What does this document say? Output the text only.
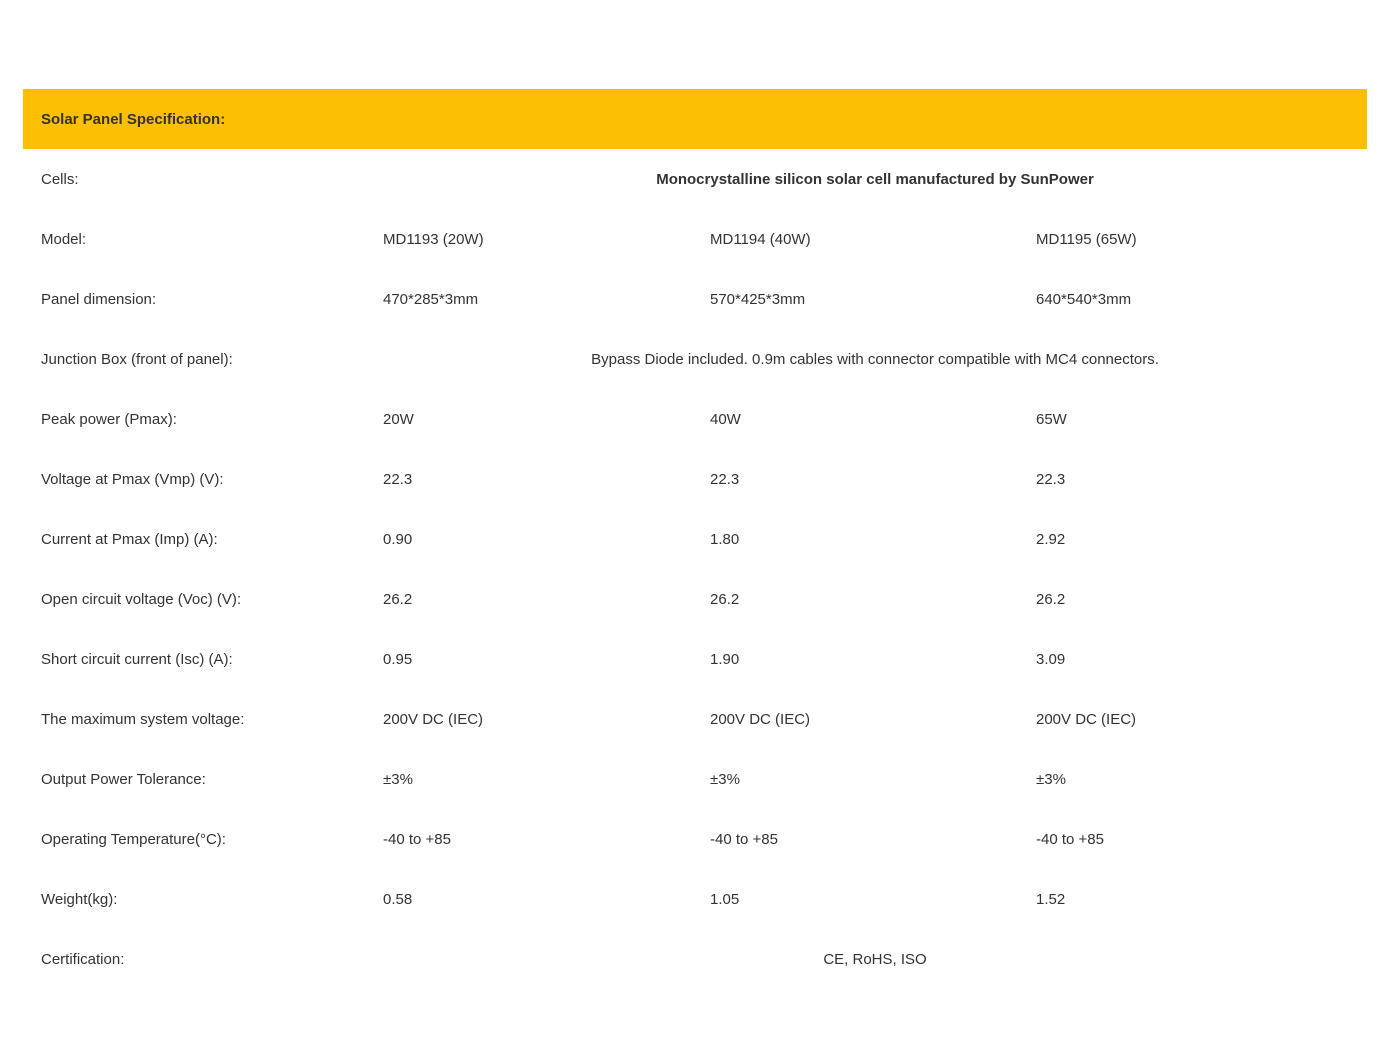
Solar Panel Specification:			
Cells:	Monocrystalline silicon solar cell manufactured by SunPower		
Model:	MD1193 (20W)	MD1194 (40W)	MD1195 (65W)
Panel dimension:	470*285*3mm	570*425*3mm	640*540*3mm
Junction Box (front of panel):	Bypass Diode included. 0.9m cables with connector compatible with MC4 connectors.		
Peak power (Pmax):	20W	40W	65W
Voltage at Pmax (Vmp) (V):	22.3	22.3	22.3
Current at Pmax (Imp) (A):	0.90	1.80	2.92
Open circuit voltage (Voc) (V):	26.2	26.2	26.2
Short circuit current (Isc) (A):	0.95	1.90	3.09
The maximum system voltage:	200V DC (IEC)	200V DC (IEC)	200V DC (IEC)
Output Power Tolerance:	±3%	±3%	±3%
Operating Temperature(°C):	-40 to +85	-40 to +85	-40 to +85
Weight(kg):	0.58	1.05	1.52
Certification:	CE, RoHS, ISO		
